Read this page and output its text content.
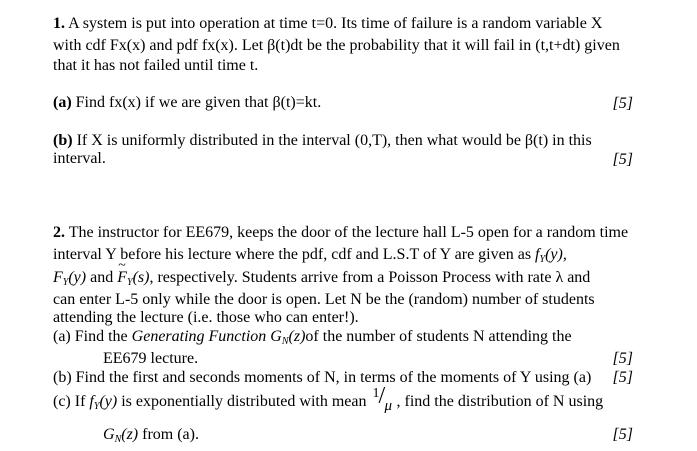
1. A system is put into operation at time t=0. Its time of failure is a random variable X
with cdf Fx(x) and pdf fx(x). Let β(t)dt be the probability that it will fail in (t,t+dt) given
that it has not failed until time t.
(a) Find fx(x) if we are given that β(t)=kt.	[5]
(b) If X is uniformly distributed in the interval (0,T), then what would be β(t) in this
interval.	[5]
2. The instructor for EE679, keeps the door of the lecture hall L-5 open for a random time
interval Y before his lecture where the pdf, cdf and L.S.T of Y are given as $f_Y(y)$,
$F_Y(y)$ and ~ $F_Y(s)$, respectively. Students arrive from a Poisson Process with rate λ and
can enter L-5 only while the door is open. Let N be the (random) number of students
attending the lecture (i.e. those who can enter!).
(a) Find the Generating Function $G_N(z)of$ the number of students N attending the
EE679 lecture.	[5]
(b) Find the first and seconds moments of N, in terms of the moments of Y using (a)	[5]
(c) If $f_Y(y)$ is exponentially distributed with mean 1 / μ , find the distribution of N using
$G_N(z)$ from (a).	[5]
